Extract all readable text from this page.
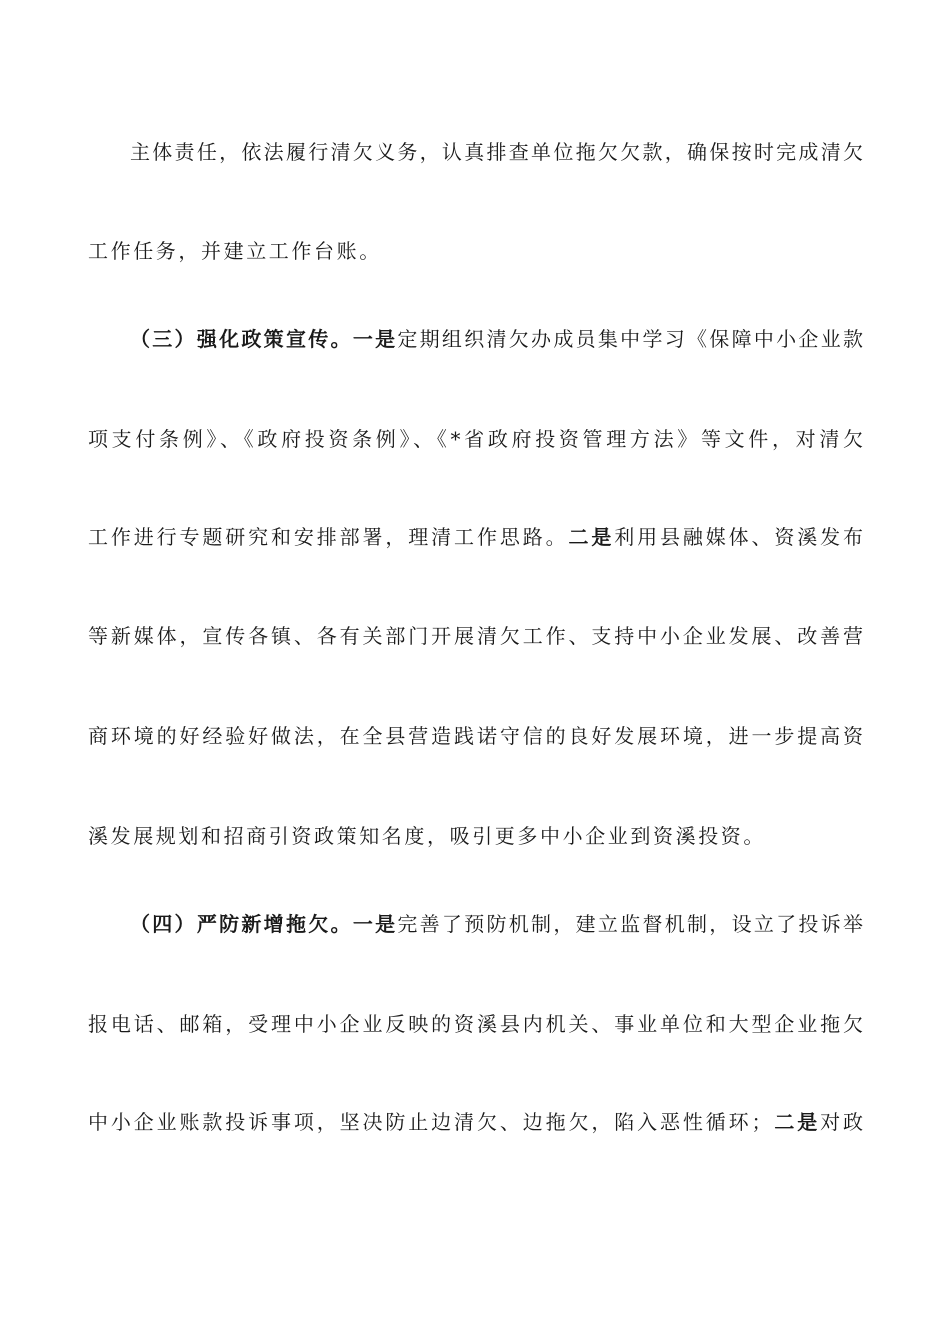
主体责任，依法履行清欠义务，认真排查单位拖欠欠款，确保按时完成清欠
工作任务，并建立工作台账。
（三）强化政策宣传。一是定期组织清欠办成员集中学习《保障中小企业款
项支付条例》、《政府投资条例》、《*省政府投资管理方法》等文件，对清欠
工作进行专题研究和安排部署，理清工作思路。二是利用县融媒体、资溪发布
等新媒体，宣传各镇、各有关部门开展清欠工作、支持中小企业发展、改善营
商环境的好经验好做法，在全县营造践诺守信的良好发展环境，进一步提高资
溪发展规划和招商引资政策知名度，吸引更多中小企业到资溪投资。
（四）严防新增拖欠。一是完善了预防机制，建立监督机制，设立了投诉举
报电话、邮箱，受理中小企业反映的资溪县内机关、事业单位和大型企业拖欠
中小企业账款投诉事项，坚决防止边清欠、边拖欠，陷入恶性循环；二是对政
